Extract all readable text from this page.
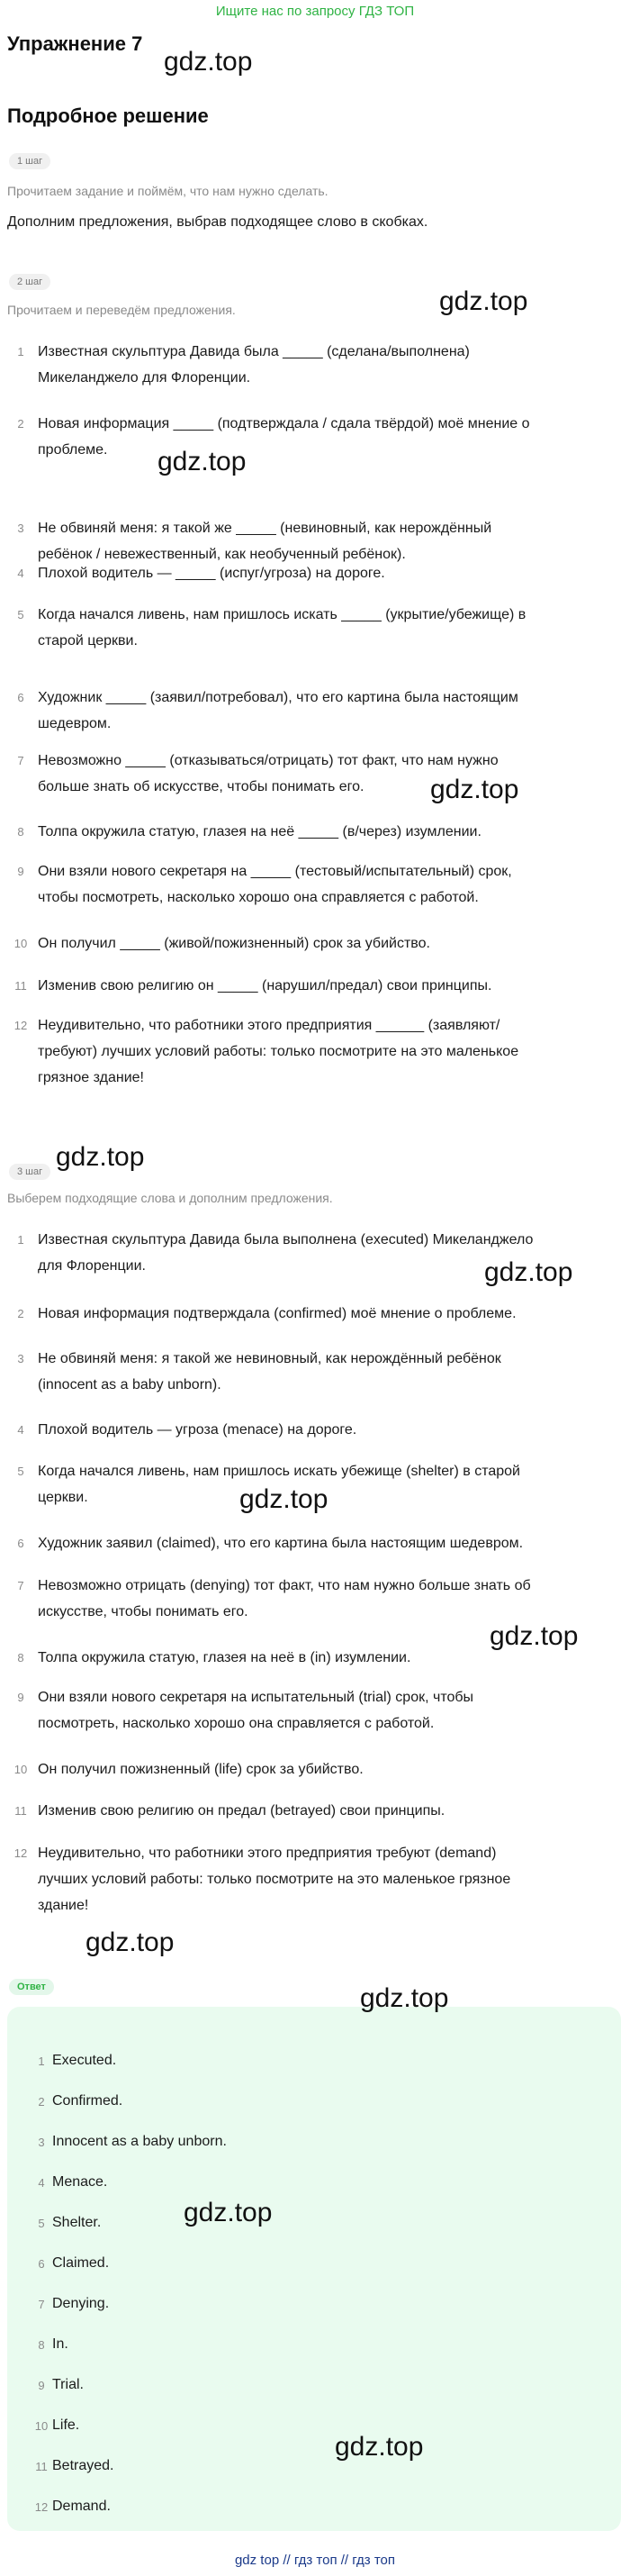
Ищите нас по запросу ГДЗ ТОП
Упражнение 7
Подробное решение
1 шаг
Прочитаем задание и поймём, что нам нужно сделать.
Дополним предложения, выбрав подходящее слово в скобках.
2 шаг
Прочитаем и переведём предложения.
1 Известная скульптура Давида была _____ (сделана/выполнена)
Микеланджело для Флоренции.
2 Новая информация _____ (подтверждала / сдала твёрдой) моё мнение о
проблеме.
3 Не обвиняй меня: я такой же _____ (невиновный, как нерождённый
ребёнок / невежественный, как необученный ребёнок).
4 Плохой водитель — _____ (испуг/угроза) на дороге.
5 Когда начался ливень, нам пришлось искать _____ (укрытие/убежище) в
старой церкви.
6 Художник _____ (заявил/потребовал), что его картина была настоящим
шедевром.
7 Невозможно _____ (отказываться/отрицать) тот факт, что нам нужно
больше знать об искусстве, чтобы понимать его.
8 Толпа окружила статую, глазея на неё _____ (в/через) изумлении.
9 Они взяли нового секретаря на _____ (тестовый/испытательный) срок,
чтобы посмотреть, насколько хорошо она справляется с работой.
10 Он получил _____ (живой/пожизненный) срок за убийство.
11 Изменив свою религию он _____ (нарушил/предал) свои принципы.
12 Неудивительно, что работники этого предприятия ______ (заявляют/
требуют) лучших условий работы: только посмотрите на это маленькое
грязное здание!
3 шаг
Выберем подходящие слова и дополним предложения.
1 Известная скульптура Давида была выполнена (executed) Микеланджело
для Флоренции.
2 Новая информация подтверждала (confirmed) моё мнение о проблеме.
3 Не обвиняй меня: я такой же невиновный, как нерождённый ребёнок
(innocent as a baby unborn).
4 Плохой водитель — угроза (menace) на дороге.
5 Когда начался ливень, нам пришлось искать убежище (shelter) в старой
церкви.
6 Художник заявил (claimed), что его картина была настоящим шедевром.
7 Невозможно отрицать (denying) тот факт, что нам нужно больше знать об
искусстве, чтобы понимать его.
8 Толпа окружила статую, глазея на неё в (in) изумлении.
9 Они взяли нового секретаря на испытательный (trial) срок, чтобы
посмотреть, насколько хорошо она справляется с работой.
10 Он получил пожизненный (life) срок за убийство.
11 Изменив свою религию он предал (betrayed) свои принципы.
12 Неудивительно, что работники этого предприятия требуют (demand)
лучших условий работы: только посмотрите на это маленькое грязное
здание!
Ответ
1 Executed.
2 Confirmed.
3 Innocent as a baby unborn.
4 Menace.
5 Shelter.
6 Claimed.
7 Denying.
8 In.
9 Trial.
10 Life.
11 Betrayed.
12 Demand.
gdz.top
gdz.top
gdz.top
gdz.top
gdz.top
gdz.top
gdz.top
gdz.top
gdz.top
gdz.top
gdz.top
gdz.top
gdz top // гдз топ // гдз топ
